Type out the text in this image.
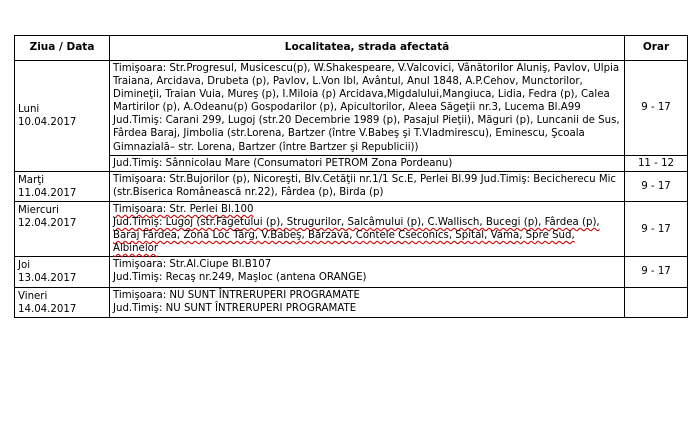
Ziua / Data	Localitatea, strada afectată	Orar

Luni
10.04.2017	Timişoara: Str.Progresul, Musicescu(p), W.Shakespeare, V.Valcovici, Vânătorilor Aluniş, Pavlov, Ulpia Traiana, Arcidava, Drubeta (p), Pavlov, L.Von Ibl, Avântul, Anul 1848, A.P.Cehov, Munctorilor, Dimineţii, Traian Vuia, Mureş (p), I.Miloia (p) Arcidava,Migdalului,Mangiuca, Lidia, Fedra (p), Calea Martirilor (p), A.Odeanu(p) Gospodarilor (p), Apicultorilor, Aleea Săgeţii nr.3, Lucema Bl.A99
Jud.Timiş: Carani 299, Lugoj (str.20 Decembrie 1989 (p), Pasajul Pieţii), Măguri (p), Luncanii de Sus, Fârdea Baraj, Jimbolia (str.Lorena, Bartzer (între V.Babeş şi T.Vladmirescu), Eminescu, Şcoala Gimnazială– str. Lorena, Bartzer (între Bartzer şi Republicii))	9 - 17
	Jud.Timiş: Sânnicolau Mare (Consumatori PETROM Zona Pordeanu)	11 - 12

Marţi
11.04.2017	Timişoara: Str.Bujorilor (p), Nicoreşti, Blv.Cetăţii nr.1/1 Sc.E, Perlei Bl.99 Jud.Timiş: Becicherecu Mic (str.Biserica Românească nr.22), Fârdea (p), Birda (p)	9 - 17

Miercuri
12.04.2017	Timişoara: Str. Perlei Bl.100
Jud.Timiş: Lugoj (str.Făgetului (p), Strugurilor, Salcâmului (p), C.Wallisch, Bucegi (p), Fârdea (p), Baraj Fârdea, Zona Loc Târg, V.Babeş, Bârzava, Contele Cseconics, Spital, Vama, Spre Sud, Albinelor	9 - 17

Joi
13.04.2017	Timişoara: Str.Al.Ciupe Bl.B107
Jud.Timiş: Recaş nr.249, Maşloc (antena ORANGE)	9 - 17

Vineri
14.04.2017	Timişoara: NU SUNT ÎNTRERUPERI PROGRAMATE
Jud.Timiş: NU SUNT ÎNTRERUPERI PROGRAMATE	
